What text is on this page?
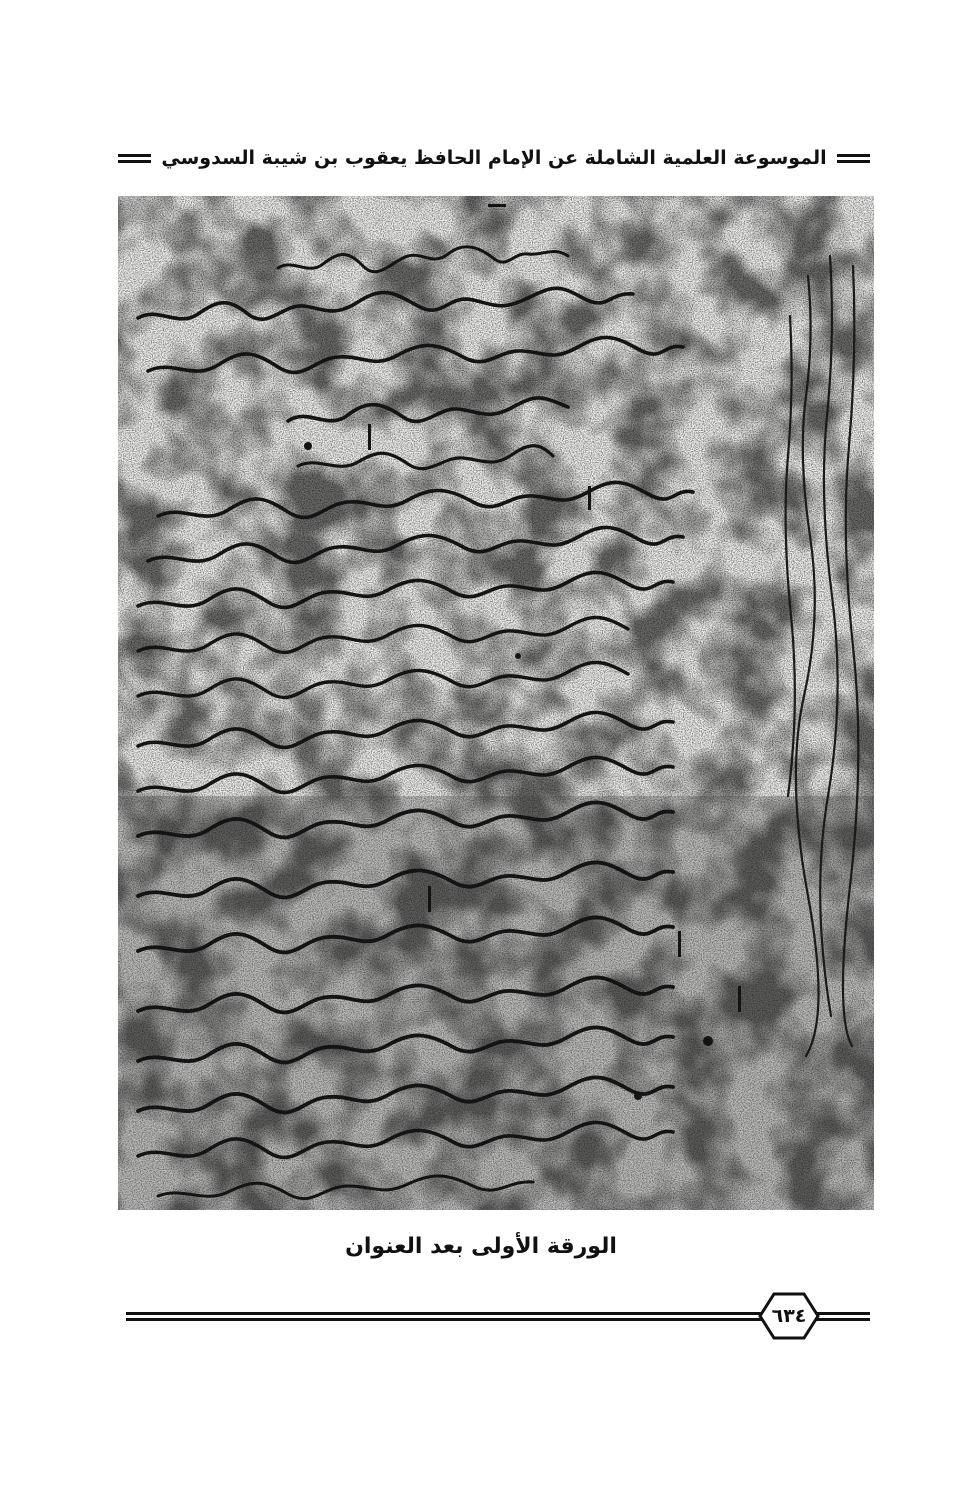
الموسوعة العلمية الشاملة عن الإمام الحافظ يعقوب بن شيبة السدوسي
الورقة الأولى بعد العنوان
٦٣٤
